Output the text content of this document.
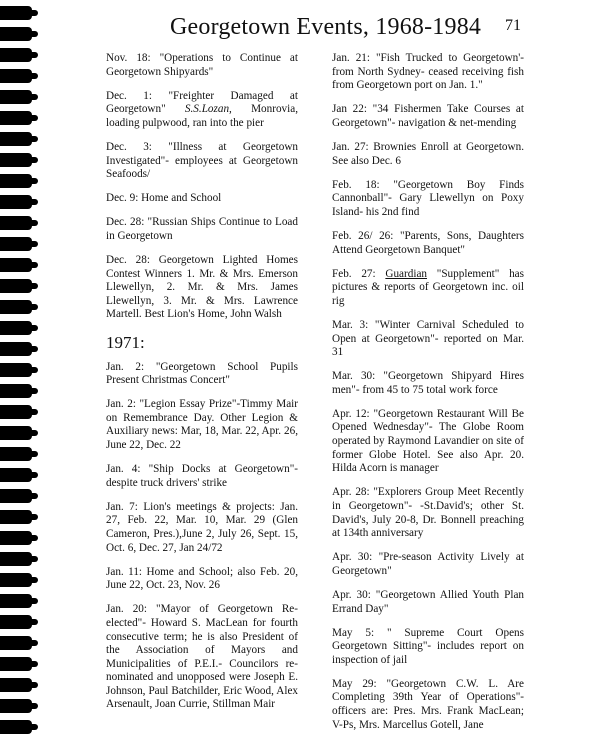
Georgetown Events, 1968-1984 71

Nov. 18: "Operations to Continue at Georgetown Shipyards"

Dec. 1: "Freighter Damaged at Georgetown" S.S.Lozan, Monrovia, loading pulpwood, ran into the pier

Dec. 3: "Illness at Georgetown Investigated"- employees at Georgetown Seafoods/

Dec. 9: Home and School

Dec. 28: "Russian Ships Continue to Load in Georgetown

Dec. 28: Georgetown Lighted Homes Contest Winners 1. Mr. & Mrs. Emerson Llewellyn, 2. Mr. & Mrs. James Llewellyn, 3. Mr. & Mrs. Lawrence Martell. Best Lion's Home, John Walsh

1971:

Jan. 2: "Georgetown School Pupils Present Christmas Concert"

Jan. 2: "Legion Essay Prize"-Timmy Mair on Remembrance Day. Other Legion & Auxiliary news: Mar, 18, Mar. 22, Apr. 26, June 22, Dec. 22

Jan. 4: "Ship Docks at Georgetown"- despite truck drivers' strike

Jan. 7: Lion's meetings & projects: Jan. 27, Feb. 22, Mar. 10, Mar. 29 (Glen Cameron, Pres.),June 2, July 26, Sept. 15, Oct. 6, Dec. 27, Jan 24/72

Jan. 11: Home and School; also Feb. 20, June 22, Oct. 23, Nov. 26

Jan. 20: "Mayor of Georgetown Re-elected"- Howard S. MacLean for fourth consecutive term; he is also President of the Association of Mayors and Municipalities of P.E.I.- Councilors re-nominated and unopposed were Joseph E. Johnson, Paul Batchilder, Eric Wood, Alex Arsenault, Joan Currie, Stillman Mair

Jan. 21: "Fish Trucked to Georgetown'- from North Sydney- ceased receiving fish from Georgetown port on Jan. 1."

Jan 22: "34 Fishermen Take Courses at Georgetown"- navigation & net-mending

Jan. 27: Brownies Enroll at Georgetown. See also Dec. 6

Feb. 18: "Georgetown Boy Finds Cannonball"- Gary Llewellyn on Poxy Island- his 2nd find

Feb. 26/ 26: "Parents, Sons, Daughters Attend Georgetown Banquet"

Feb. 27: Guardian "Supplement" has pictures & reports of Georgetown inc. oil rig

Mar. 3: "Winter Carnival Scheduled to Open at Georgetown"- reported on Mar. 31

Mar. 30: "Georgetown Shipyard Hires men"- from 45 to 75 total work force

Apr. 12: "Georgetown Restaurant Will Be Opened Wednesday"- The Globe Room operated by Raymond Lavandier on site of former Globe Hotel. See also Apr. 20. Hilda Acorn is manager

Apr. 28: "Explorers Group Meet Recently in Georgetown"- -St.David's; other St. David's, July 20-8, Dr. Bonnell preaching at 134th anniversary

Apr. 30: "Pre-season Activity Lively at Georgetown"

Apr. 30: "Georgetown Allied Youth Plan Errand Day"

May 5: " Supreme Court Opens Georgetown Sitting"- includes report on inspection of jail

May 29: "Georgetown C.W. L. Are Completing 39th Year of Operations"- officers are: Pres. Mrs. Frank MacLean; V-Ps, Mrs. Marcellus Gotell, Jane
